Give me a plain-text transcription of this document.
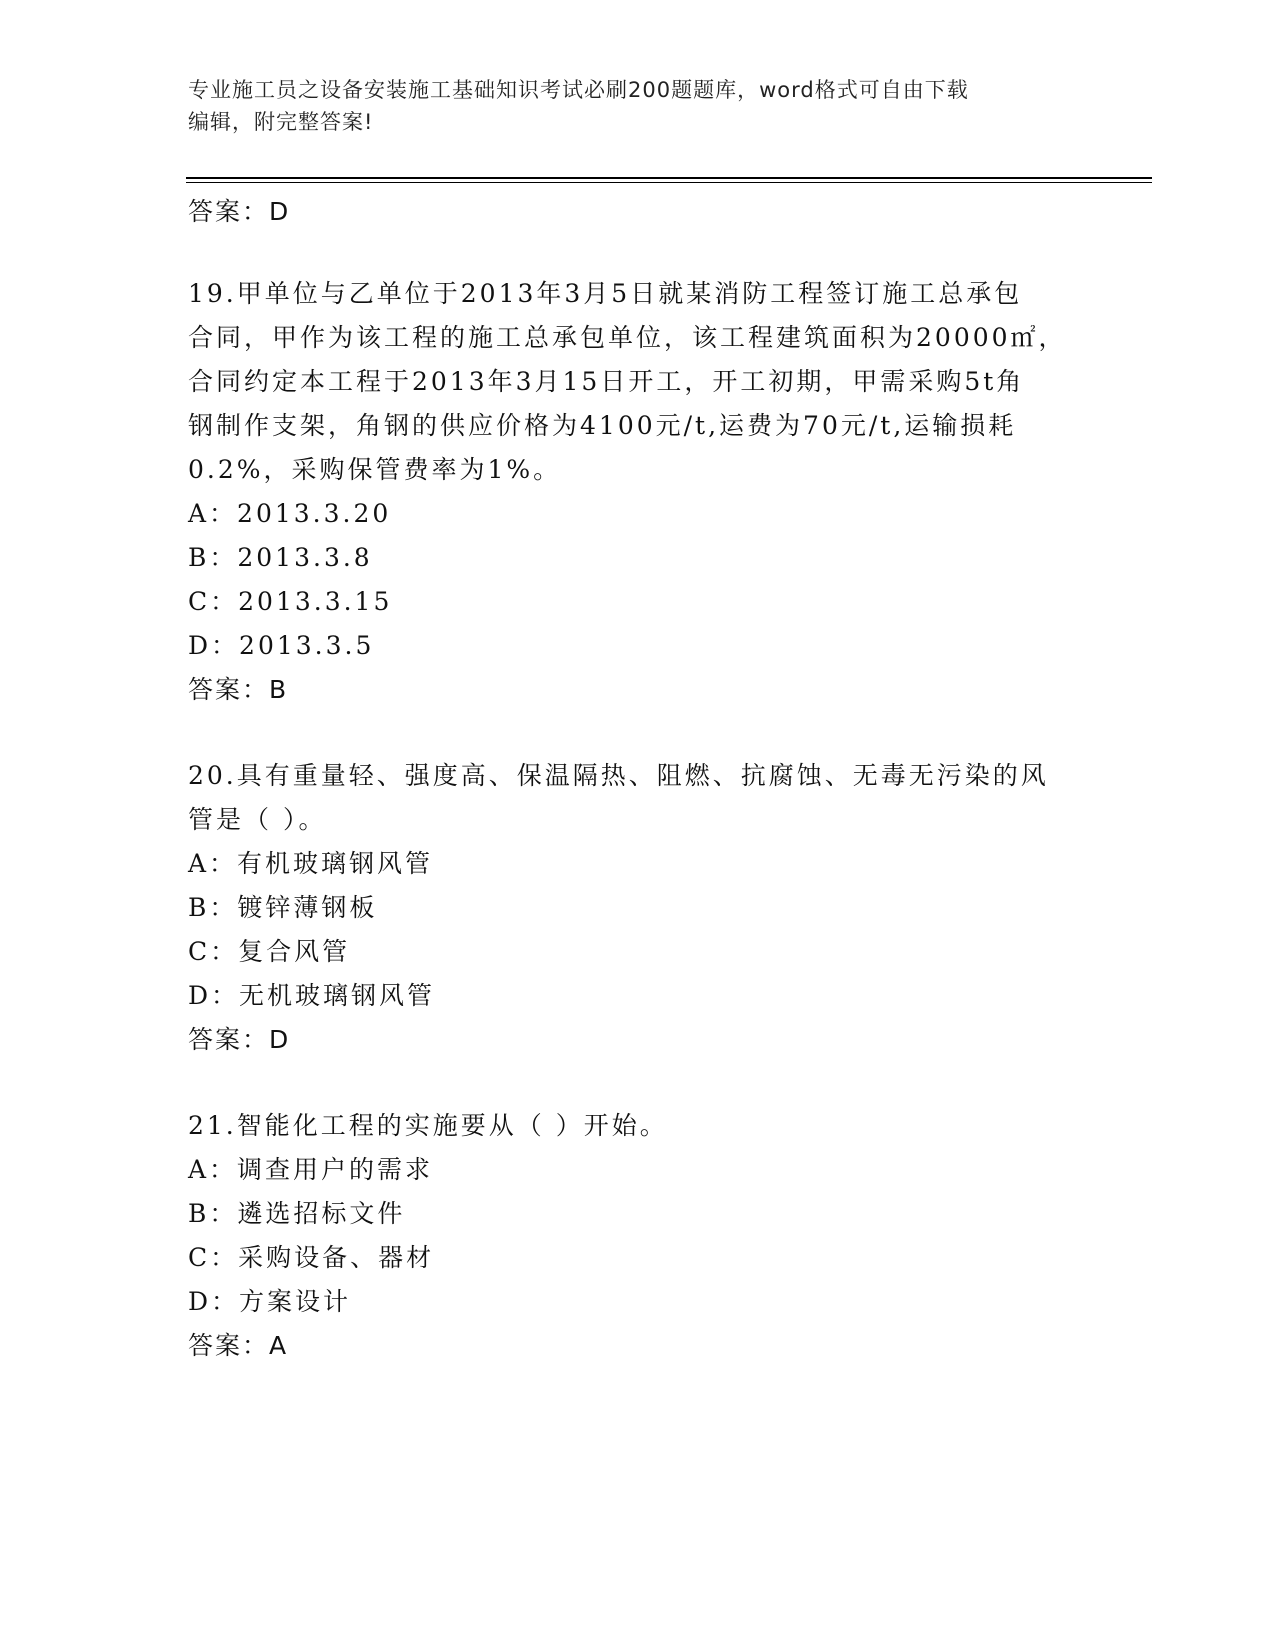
专业施工员之设备安装施工基础知识考试必刷200题题库，word格式可自由下载
编辑，附完整答案!
答案：D
19.甲单位与乙单位于2013年3月5日就某消防工程签订施工总承包
合同，甲作为该工程的施工总承包单位，该工程建筑面积为20000㎡，
合同约定本工程于2013年3月15日开工，开工初期，甲需采购5t角
钢制作支架，角钢的供应价格为4100元/t,运费为70元/t,运输损耗
0.2%，采购保管费率为1%。
A：2013.3.20
B：2013.3.8
C：2013.3.15
D：2013.3.5
答案：B
20.具有重量轻、强度高、保温隔热、阻燃、抗腐蚀、无毒无污染的风
管是（ ）。
A：有机玻璃钢风管
B：镀锌薄钢板
C：复合风管
D：无机玻璃钢风管
答案：D
21.智能化工程的实施要从（ ）开始。
A：调查用户的需求
B：遴选招标文件
C：采购设备、器材
D：方案设计
答案：A
